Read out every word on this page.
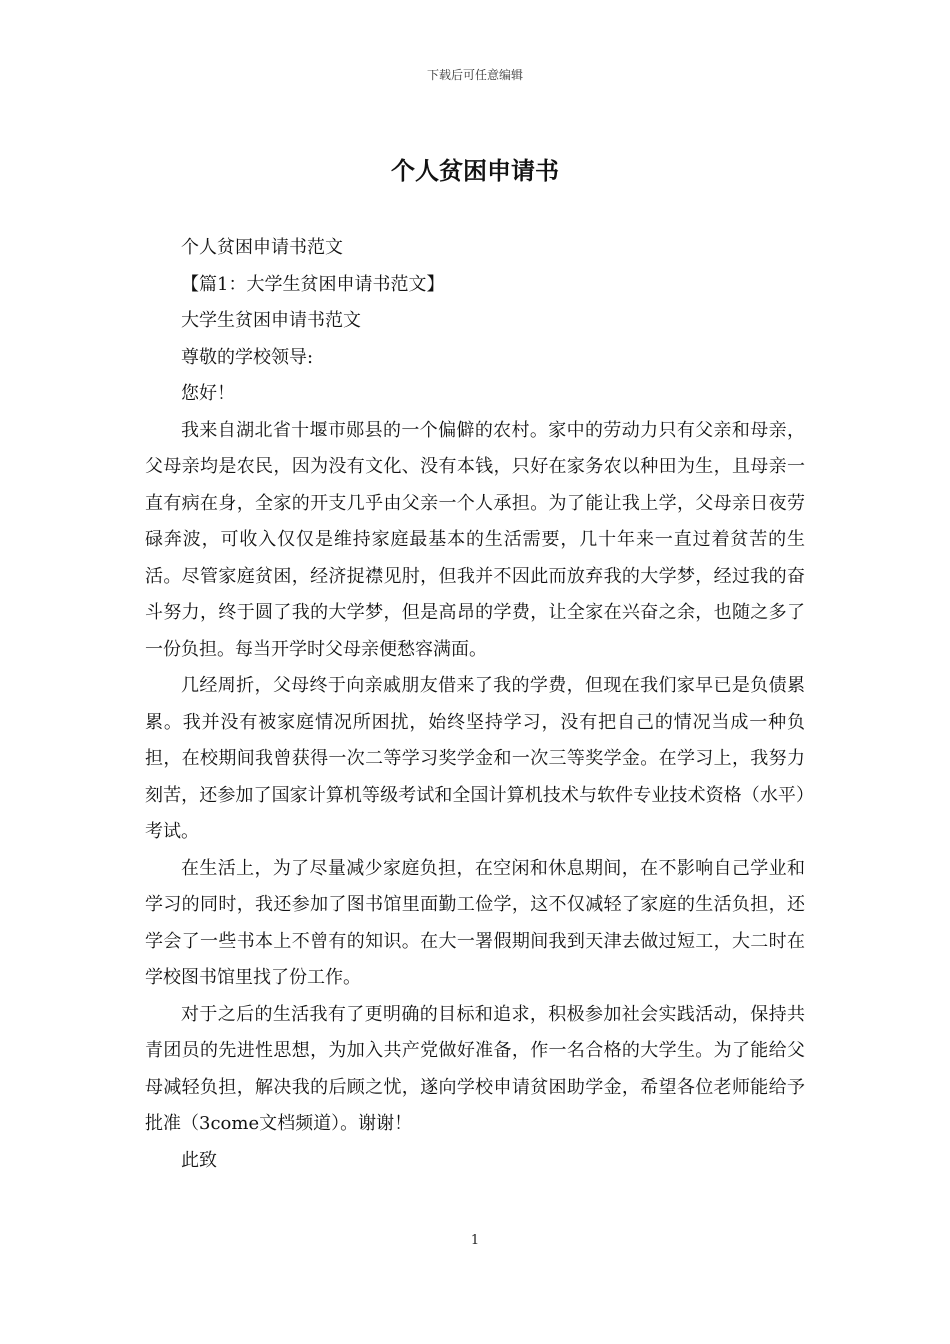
下载后可任意编辑
个人贫困申请书

个人贫困申请书范文

【篇1：大学生贫困申请书范文】

大学生贫困申请书范文

尊敬的学校领导:

您好！

我来自湖北省十堰市郧县的一个偏僻的农村。家中的劳动力只有父亲和母亲，父母亲均是农民，因为没有文化、没有本钱，只好在家务农以种田为生，且母亲一直有病在身，全家的开支几乎由父亲一个人承担。为了能让我上学，父母亲日夜劳碌奔波，可收入仅仅是维持家庭最基本的生活需要，几十年来一直过着贫苦的生活。尽管家庭贫困，经济捉襟见肘，但我并不因此而放弃我的大学梦，经过我的奋斗努力，终于圆了我的大学梦，但是高昂的学费，让全家在兴奋之余，也随之多了一份负担。每当开学时父母亲便愁容满面。

几经周折，父母终于向亲戚朋友借来了我的学费，但现在我们家早已是负债累累。我并没有被家庭情况所困扰，始终坚持学习，没有把自己的情况当成一种负担，在校期间我曾获得一次二等学习奖学金和一次三等奖学金。在学习上，我努力刻苦，还参加了国家计算机等级考试和全国计算机技术与软件专业技术资格（水平）考试。

在生活上，为了尽量减少家庭负担，在空闲和休息期间，在不影响自己学业和学习的同时，我还参加了图书馆里面勤工俭学，这不仅减轻了家庭的生活负担，还学会了一些书本上不曾有的知识。在大一署假期间我到天津去做过短工，大二时在学校图书馆里找了份工作。

对于之后的生活我有了更明确的目标和追求，积极参加社会实践活动，保持共青团员的先进性思想，为加入共产党做好准备，作一名合格的大学生。为了能给父母减轻负担，解决我的后顾之忧，遂向学校申请贫困助学金，希望各位老师能给予批准（3come文档频道）。谢谢！

此致

1
